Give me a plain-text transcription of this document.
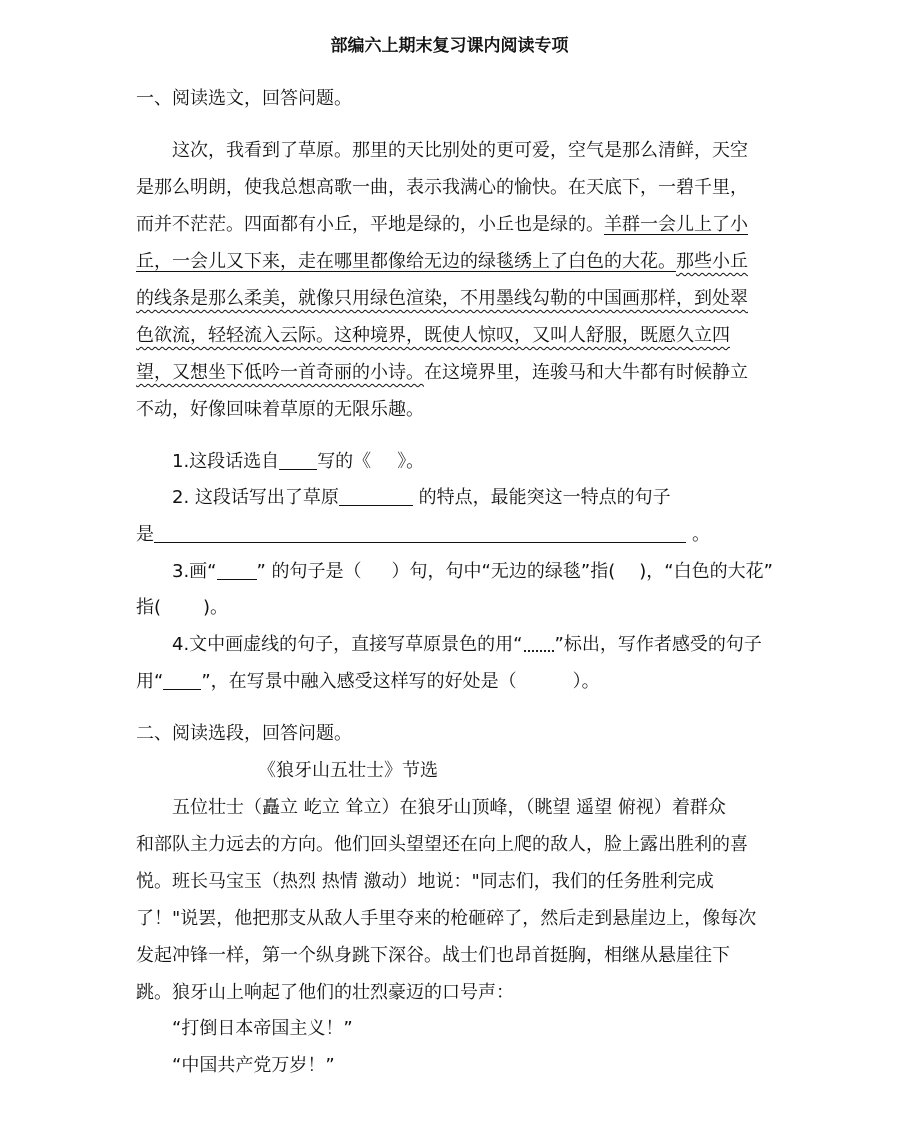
部编六上期末复习课内阅读专项
一、阅读选文，回答问题。
这次，我看到了草原。那里的天比别处的更可爱，空气是那么清鲜，天空
是那么明朗，使我总想高歌一曲，表示我满心的愉快。在天底下，一碧千里，
而并不茫茫。四面都有小丘，平地是绿的，小丘也是绿的。羊群一会儿上了小
丘，一会儿又下来，走在哪里都像给无边的绿毯绣上了白色的大花。那些小丘
的线条是那么柔美，就像只用绿色渲染，不用墨线勾勒的中国画那样，到处翠
色欲流，轻轻流入云际。这种境界，既使人惊叹，又叫人舒服，既愿久立四
望，又想坐下低吟一首奇丽的小诗。在这境界里，连骏马和大牛都有时候静立
不动，好像回味着草原的无限乐趣。
1.这段话选自 写的《 》。
2. 这段话写出了草原	的特点，最能突这一特点的句子
是	。
3.画“ ” 的句子是（ ）句，句中“无边的绿毯”指( )，“白色的大花”
指( )。
4.文中画虚线的句子，直接写草原景色的用“ ”标出，写作者感受的句子
用“ ”，在写景中融入感受这样写的好处是（	）。
二、阅读选段，回答问题。
《狼牙山五壮士》节选
五位壮士（矗立 屹立 耸立）在狼牙山顶峰，（眺望 遥望 俯视）着群众
和部队主力远去的方向。他们回头望望还在向上爬的敌人，脸上露出胜利的喜
悦。班长马宝玉（热烈 热情 激动）地说："同志们，我们的任务胜利完成
了！"说罢，他把那支从敌人手里夺来的枪砸碎了，然后走到悬崖边上，像每次
发起冲锋一样，第一个纵身跳下深谷。战士们也昂首挺胸，相继从悬崖往下
跳。狼牙山上响起了他们的壮烈豪迈的口号声：
“打倒日本帝国主义！”
“中国共产党万岁！”
